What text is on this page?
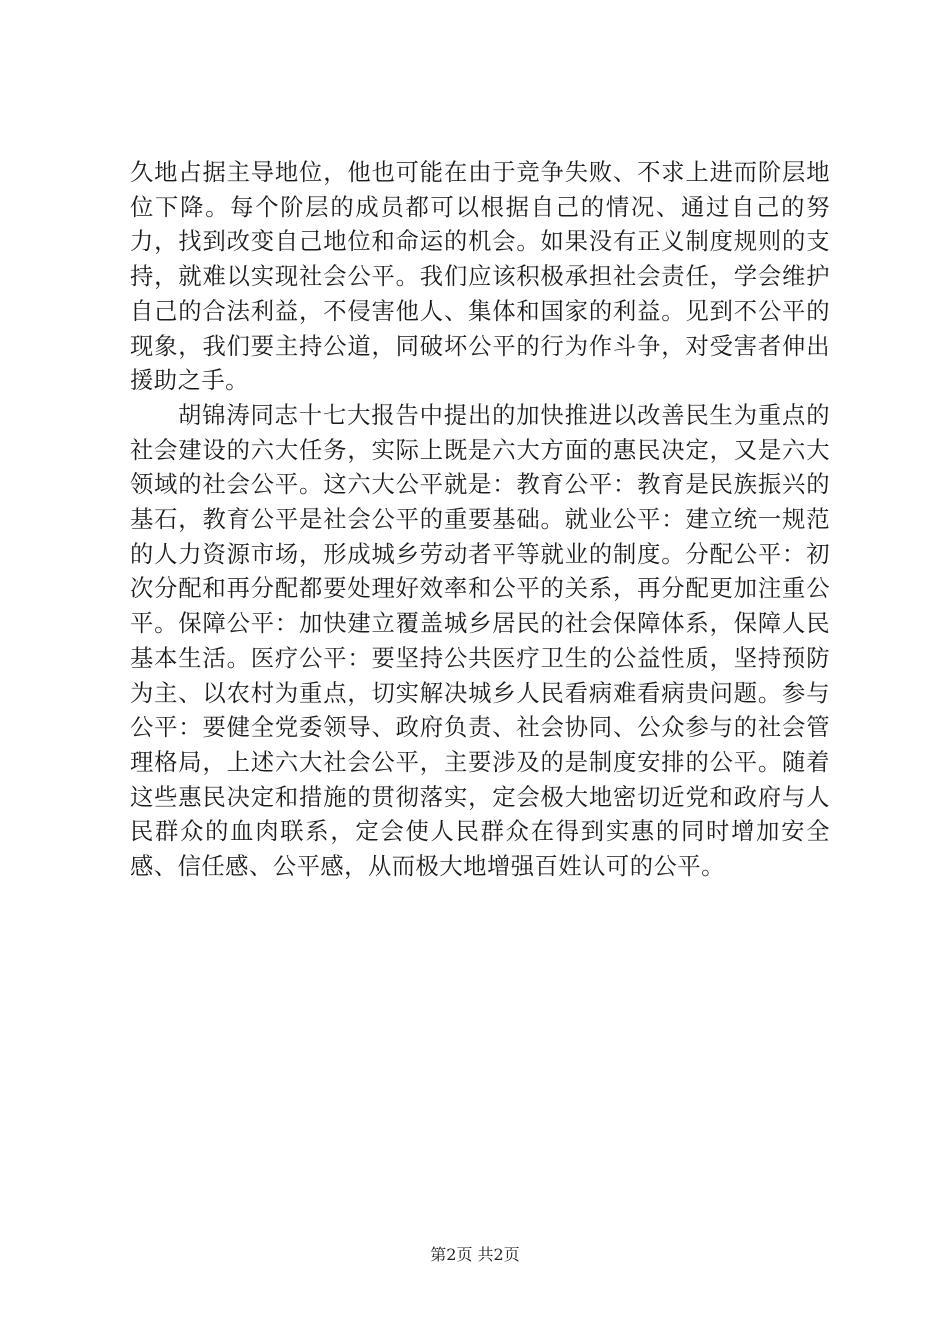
久地占据主导地位，他也可能在由于竞争失败、不求上进而阶层地位下降。每个阶层的成员都可以根据自己的情况、通过自己的努力，找到改变自己地位和命运的机会。如果没有正义制度规则的支持，就难以实现社会公平。我们应该积极承担社会责任，学会维护自己的合法利益，不侵害他人、集体和国家的利益。见到不公平的现象，我们要主持公道，同破坏公平的行为作斗争，对受害者伸出援助之手。

胡锦涛同志十七大报告中提出的加快推进以改善民生为重点的社会建设的六大任务，实际上既是六大方面的惠民决定，又是六大领域的社会公平。这六大公平就是：教育公平：教育是民族振兴的基石，教育公平是社会公平的重要基础。就业公平：建立统一规范的人力资源市场，形成城乡劳动者平等就业的制度。分配公平：初次分配和再分配都要处理好效率和公平的关系，再分配更加注重公平。保障公平：加快建立覆盖城乡居民的社会保障体系，保障人民基本生活。医疗公平：要坚持公共医疗卫生的公益性质，坚持预防为主、以农村为重点，切实解决城乡人民看病难看病贵问题。参与公平：要健全党委领导、政府负责、社会协同、公众参与的社会管理格局，上述六大社会公平，主要涉及的是制度安排的公平。随着这些惠民决定和措施的贯彻落实，定会极大地密切近党和政府与人民群众的血肉联系，定会使人民群众在得到实惠的同时增加安全感、信任感、公平感，从而极大地增强百姓认可的公平。

第2页 共2页
